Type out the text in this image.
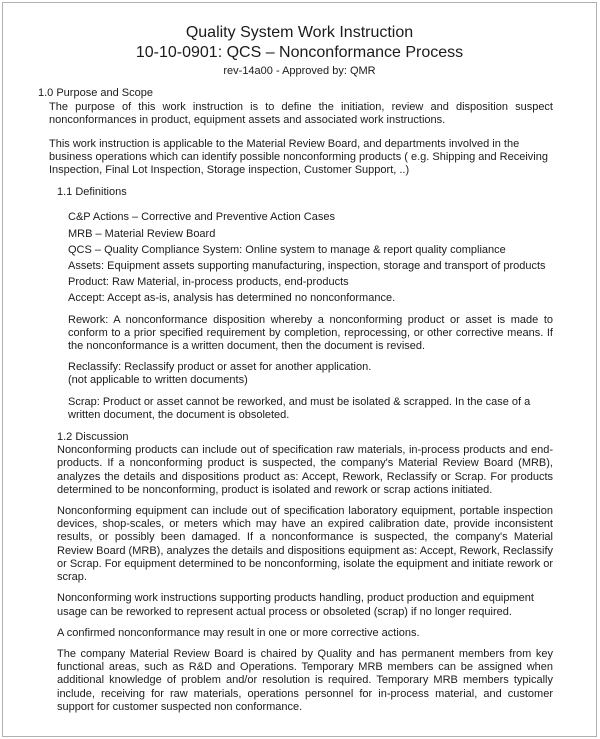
Quality System Work Instruction
10-10-0901: QCS – Nonconformance Process
rev-14a00 - Approved by: QMR
1.0 Purpose and Scope
The purpose of this work instruction is to define the initiation, review and disposition suspect nonconformances in product, equipment assets and associated work instructions.
This work instruction is applicable to the Material Review Board, and departments involved in the business operations which can identify possible nonconforming products ( e.g. Shipping and Receiving Inspection, Final Lot Inspection, Storage inspection, Customer Support, ..)
1.1 Definitions
C&P Actions – Corrective and Preventive Action Cases
MRB – Material Review Board
QCS – Quality Compliance System: Online system to manage & report quality compliance
Assets: Equipment assets supporting manufacturing, inspection, storage and transport of products
Product: Raw Material, in-process products, end-products
Accept: Accept as-is, analysis has determined no nonconformance.
Rework: A nonconformance disposition whereby a nonconforming product or asset is made to conform to a prior specified requirement by completion, reprocessing, or other corrective means. If the nonconformance is a written document, then the document is revised.
Reclassify: Reclassify product or asset for another application.
(not applicable to written documents)
Scrap: Product or asset cannot be reworked, and must be isolated & scrapped. In the case of a written document, the document is obsoleted.
1.2 Discussion
Nonconforming products can include out of specification raw materials, in-process products and end-products. If a nonconforming product is suspected, the company's Material Review Board (MRB), analyzes the details and dispositions product as: Accept, Rework, Reclassify or Scrap. For products determined to be nonconforming, product is isolated and rework or scrap actions initiated.
Nonconforming equipment can include out of specification laboratory equipment, portable inspection devices, shop-scales, or meters which may have an expired calibration date, provide inconsistent results, or possibly been damaged. If a nonconformance is suspected, the company's Material Review Board (MRB), analyzes the details and dispositions equipment as: Accept, Rework, Reclassify or Scrap. For equipment determined to be nonconforming, isolate the equipment and initiate rework or scrap.
Nonconforming work instructions supporting products handling, product production and equipment usage can be reworked to represent actual process or obsoleted (scrap) if no longer required.
A confirmed nonconformance may result in one or more corrective actions.
The company Material Review Board is chaired by Quality and has permanent members from key functional areas, such as R&D and Operations. Temporary MRB members can be assigned when additional knowledge of problem and/or resolution is required. Temporary MRB members typically include, receiving for raw materials, operations personnel for in-process material, and customer support for customer suspected non conformance.
